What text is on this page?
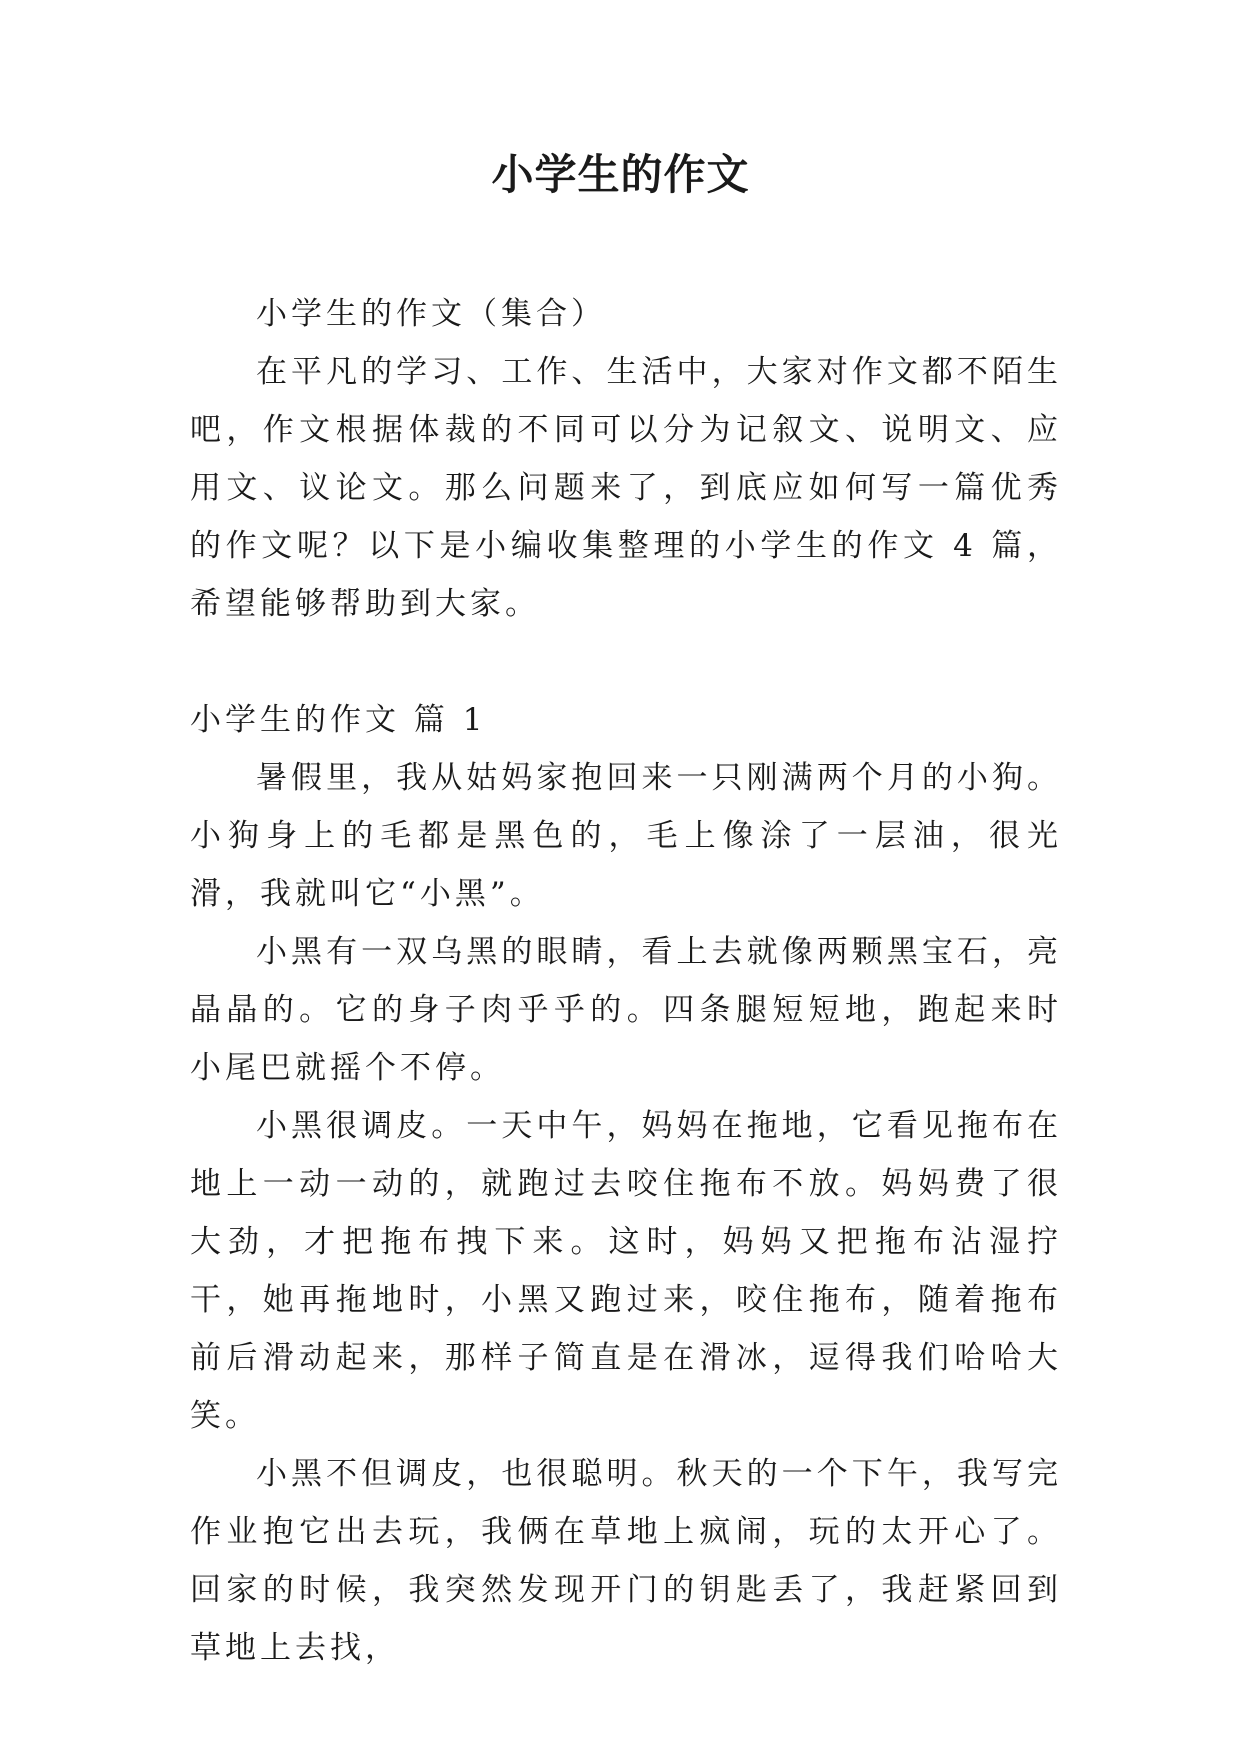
小学生的作文

小学生的作文（集合）

在平凡的学习、工作、生活中，大家对作文都不陌生吧，作文根据体裁的不同可以分为记叙文、说明文、应用文、议论文。那么问题来了，到底应如何写一篇优秀的作文呢？以下是小编收集整理的小学生的作文 4 篇，希望能够帮助到大家。

小学生的作文 篇 1

暑假里，我从姑妈家抱回来一只刚满两个月的小狗。小狗身上的毛都是黑色的，毛上像涂了一层油，很光滑，我就叫它“小黑”。

小黑有一双乌黑的眼睛，看上去就像两颗黑宝石，亮晶晶的。它的身子肉乎乎的。四条腿短短地，跑起来时小尾巴就摇个不停。

小黑很调皮。一天中午，妈妈在拖地，它看见拖布在地上一动一动的，就跑过去咬住拖布不放。妈妈费了很大劲，才把拖布拽下来。这时，妈妈又把拖布沾湿拧干，她再拖地时，小黑又跑过来，咬住拖布，随着拖布前后滑动起来，那样子简直是在滑冰，逗得我们哈哈大笑。

小黑不但调皮，也很聪明。秋天的一个下午，我写完作业抱它出去玩，我俩在草地上疯闹，玩的太开心了。回家的时候，我突然发现开门的钥匙丢了，我赶紧回到草地上去找，
